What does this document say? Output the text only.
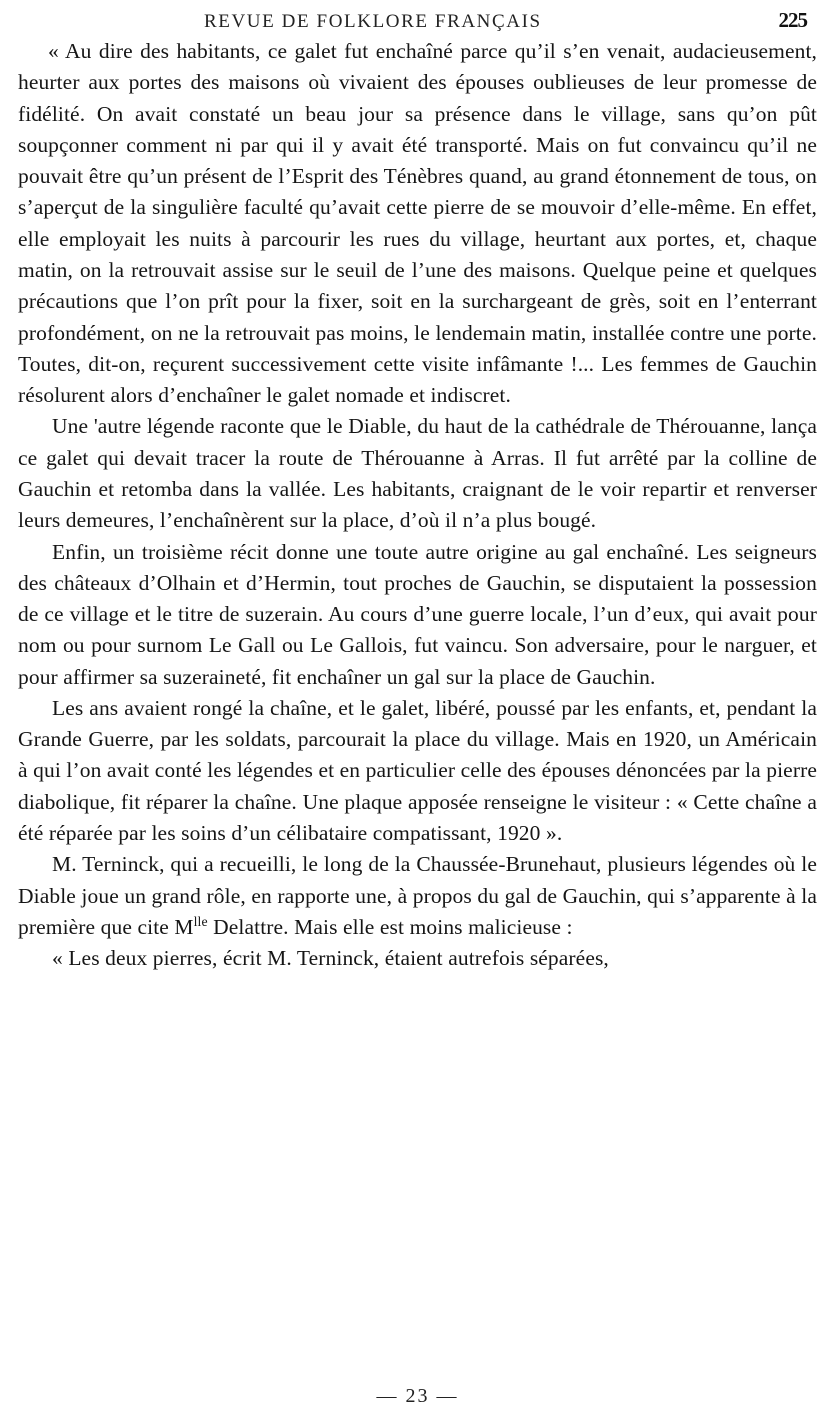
REVUE DE FOLKLORE FRANÇAIS	225

« Au dire des habitants, ce galet fut enchaîné parce qu’il s’en venait, audacieusement, heurter aux portes des maisons où vivaient des épouses oublieuses de leur promesse de fidélité. On avait constaté un beau jour sa présence dans le village, sans qu’on pût soupçonner comment ni par qui il y avait été transporté. Mais on fut convaincu qu’il ne pouvait être qu’un présent de l’Esprit des Ténèbres quand, au grand étonnement de tous, on s’aperçut de la singulière faculté qu’avait cette pierre de se mouvoir d’elle-même. En effet, elle employait les nuits à parcourir les rues du village, heurtant aux portes, et, chaque matin, on la retrouvait assise sur le seuil de l’une des maisons. Quelque peine et quelques précautions que l’on prît pour la fixer, soit en la surchargeant de grès, soit en l’enterrant profondément, on ne la retrouvait pas moins, le lendemain matin, installée contre une porte. Toutes, dit-on, reçurent successivement cette visite infâmante !... Les femmes de Gauchin résolurent alors d’enchaîner le galet nomade et indiscret.

Une 'autre légende raconte que le Diable, du haut de la cathédrale de Thérouanne, lança ce galet qui devait tracer la route de Thérouanne à Arras. Il fut arrêté par la colline de Gauchin et retomba dans la vallée. Les habitants, craignant de le voir repartir et renverser leurs demeures, l’enchaînèrent sur la place, d’où il n’a plus bougé.

Enfin, un troisième récit donne une toute autre origine au gal enchaîné. Les seigneurs des châteaux d’Olhain et d’Hermin, tout proches de Gauchin, se disputaient la possession de ce village et le titre de suzerain. Au cours d’une guerre locale, l’un d’eux, qui avait pour nom ou pour surnom Le Gall ou Le Gallois, fut vaincu. Son adversaire, pour le narguer, et pour affirmer sa suzeraineté, fit enchaîner un gal sur la place de Gauchin.

Les ans avaient rongé la chaîne, et le galet, libéré, poussé par les enfants, et, pendant la Grande Guerre, par les soldats, parcourait la place du village. Mais en 1920, un Américain à qui l’on avait conté les légendes et en particulier celle des épouses dénoncées par la pierre diabolique, fit réparer la chaîne. Une plaque apposée renseigne le visiteur : « Cette chaîne a été réparée par les soins d’un célibataire compatissant, 1920 ».

M. Terninck, qui a recueilli, le long de la Chaussée-Brunehaut, plusieurs légendes où le Diable joue un grand rôle, en rapporte une, à propos du gal de Gauchin, qui s’apparente à la première que cite $M^{lle}$ Delattre. Mais elle est moins malicieuse :

« Les deux pierres, écrit M. Terninck, étaient autrefois séparées,

— 23 —
